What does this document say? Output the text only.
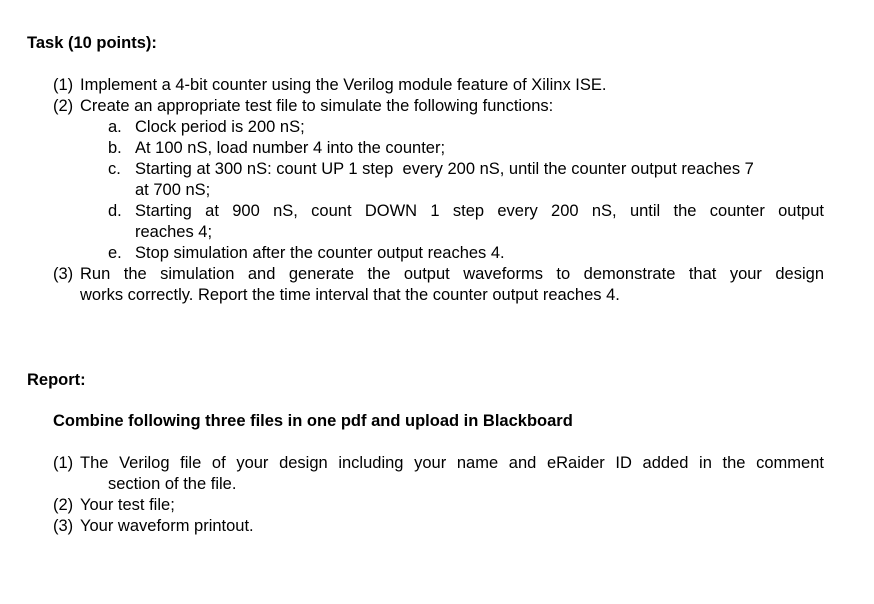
Task (10 points):
(1) Implement a 4-bit counter using the Verilog module feature of Xilinx ISE.
(2) Create an appropriate test file to simulate the following functions:
a. Clock period is 200 nS;
b. At 100 nS, load number 4 into the counter;
c. Starting at 300 nS: count UP 1 step  every 200 nS, until the counter output reaches 7
at 700 nS;
d. Starting at 900 nS, count DOWN 1 step every 200 nS, until the counter output
reaches 4;
e. Stop simulation after the counter output reaches 4.
(3) Run the simulation and generate the output waveforms to demonstrate that your design
works correctly. Report the time interval that the counter output reaches 4.
Report:
Combine following three files in one pdf and upload in Blackboard
(1) The Verilog file of your design including your name and eRaider ID added in the comment
section of the file.
(2) Your test file;
(3) Your waveform printout.
